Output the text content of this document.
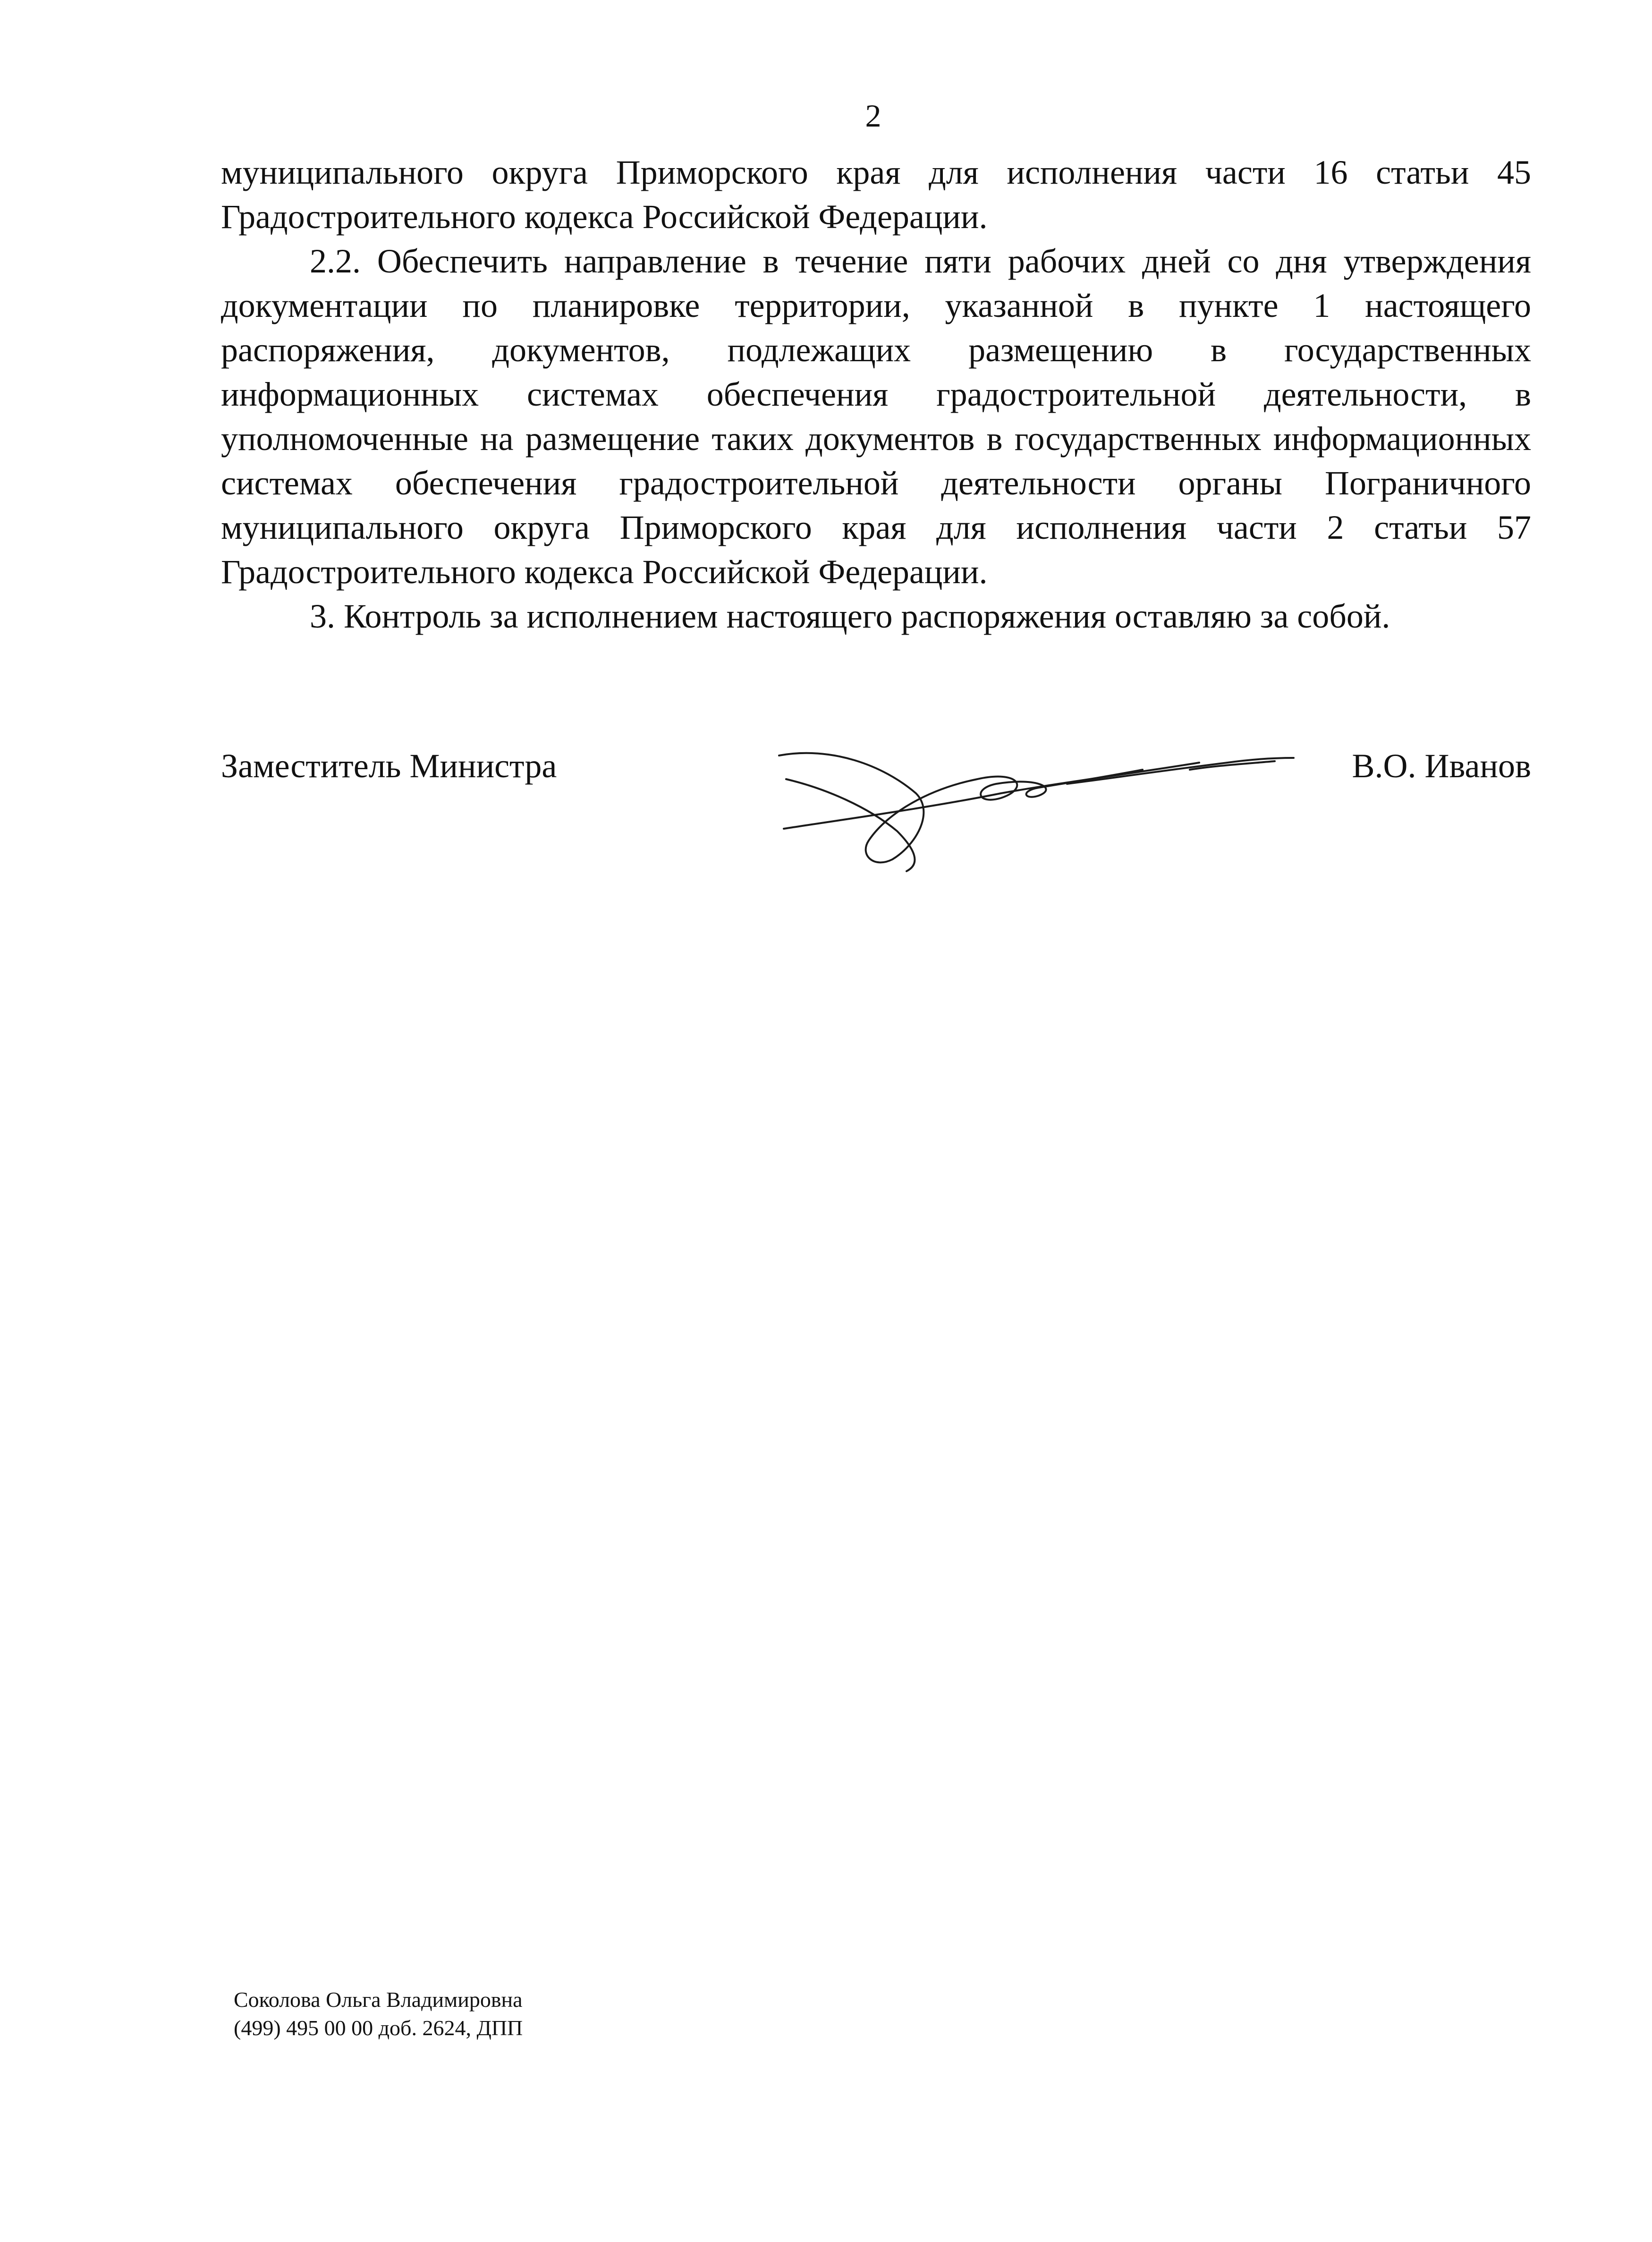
2

муниципального округа Приморского края для исполнения части 16 статьи 45 Градостроительного кодекса Российской Федерации.

2.2. Обеспечить направление в течение пяти рабочих дней со дня утверждения документации по планировке территории, указанной в пункте 1 настоящего распоряжения, документов, подлежащих размещению в государственных информационных системах обеспечения градостроительной деятельности, в уполномоченные на размещение таких документов в государственных информационных системах обеспечения градостроительной деятельности органы Пограничного муниципального округа Приморского края для исполнения части 2 статьи 57 Градостроительного кодекса Российской Федерации.

3. Контроль за исполнением настоящего распоряжения оставляю за собой.

Заместитель Министра	В.О. Иванов
Соколова Ольга Владимировна
(499) 495 00 00 доб. 2624, ДПП
